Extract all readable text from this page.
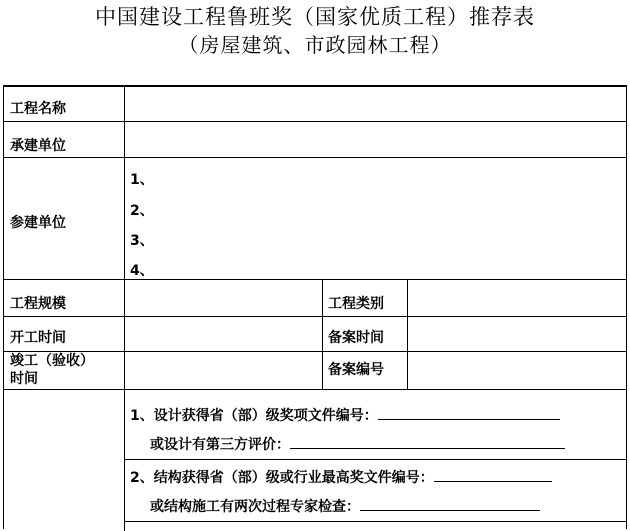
中国建设工程鲁班奖（国家优质工程）推荐表
（房屋建筑、市政园林工程）
工程名称
承建单位
参建单位
1、
2、
3、
4、
工程规模	工程类别
开工时间	备案时间
竣工（验收）
时间
备案编号
1、设计获得省（部）级奖项文件编号：
或设计有第三方评价：
2、结构获得省（部）级或行业最高奖文件编号：
或结构施工有两次过程专家检查：
